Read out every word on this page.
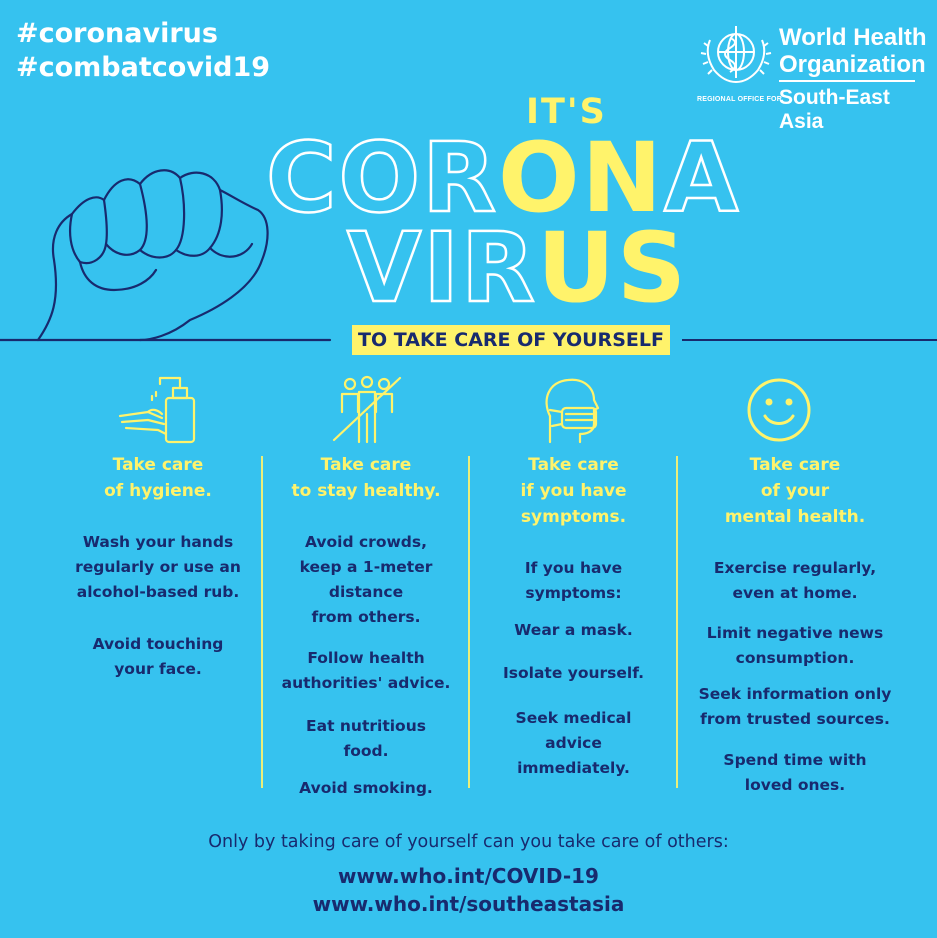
#coronavirus
#combatcovid19
World Health
Organization
REGIONAL OFFICE FOR
South-East Asia
IT'S
CORONA
VIRUS
TO TAKE CARE OF YOURSELF
Take care
of hygiene.
Wash your hands
regularly or use an
alcohol-based rub.
Avoid touching
your face.
Take care
to stay healthy.
Avoid crowds,
keep a 1-meter
distance
from others.
Follow health
authorities' advice.
Eat nutritious
food.
Avoid smoking.
Take care
if you have
symptoms.
If you have
symptoms:
Wear a mask.
Isolate yourself.
Seek medical
advice
immediately.
Take care
of your
mental health.
Exercise regularly,
even at home.
Limit negative news
consumption.
Seek information only
from trusted sources.
Spend time with
loved ones.
Only by taking care of yourself can you take care of others:
www.who.int/COVID-19
www.who.int/southeastasia
